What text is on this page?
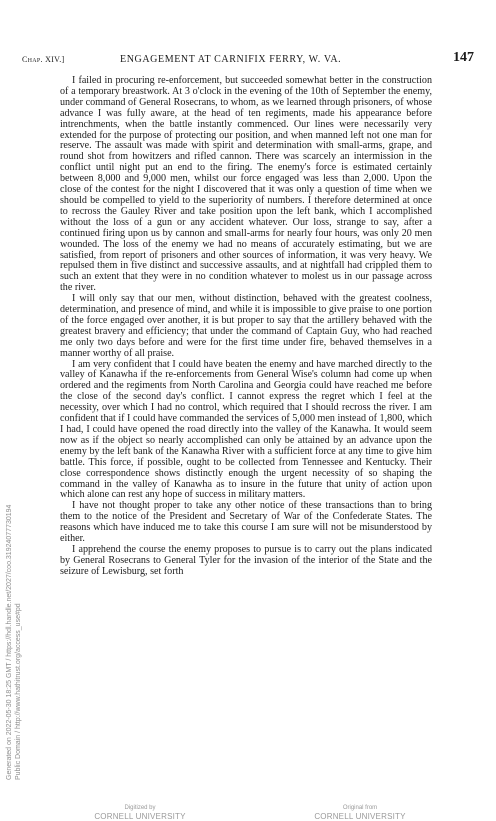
Chap. XIV.]	ENGAGEMENT AT CARNIFIX FERRY, W. VA.	147

I failed in procuring re-enforcement, but succeeded somewhat better in the construction of a temporary breastwork. At 3 o'clock in the evening of the 10th of September the enemy, under command of General Rosecrans, to whom, as we learned through prisoners, of whose advance I was fully aware, at the head of ten regiments, made his appearance before intrenchments, when the battle instantly commenced. Our lines were necessarily very extended for the purpose of protecting our position, and when manned left not one man for reserve. The assault was made with spirit and determination with small-arms, grape, and round shot from howitzers and rifled cannon. There was scarcely an intermission in the conflict until night put an end to the firing. The enemy's force is estimated certainly between 8,000 and 9,000 men, whilst our force engaged was less than 2,000. Upon the close of the contest for the night I discovered that it was only a question of time when we should be compelled to yield to the superiority of numbers. I therefore determined at once to recross the Gauley River and take position upon the left bank, which I accomplished without the loss of a gun or any accident whatever. Our loss, strange to say, after a continued firing upon us by cannon and small-arms for nearly four hours, was only 20 men wounded. The loss of the enemy we had no means of accurately estimating, but we are satisfied, from report of prisoners and other sources of information, it was very heavy. We repulsed them in five distinct and successive assaults, and at nightfall had crippled them to such an extent that they were in no condition whatever to molest us in our passage across the river.

I will only say that our men, without distinction, behaved with the greatest coolness, determination, and presence of mind, and while it is impossible to give praise to one portion of the force engaged over another, it is but proper to say that the artillery behaved with the greatest bravery and efficiency; that under the command of Captain Guy, who had reached me only two days before and were for the first time under fire, behaved themselves in a manner worthy of all praise.

I am very confident that I could have beaten the enemy and have marched directly to the valley of Kanawha if the re-enforcements from General Wise's column had come up when ordered and the regiments from North Carolina and Georgia could have reached me before the close of the second day's conflict. I cannot express the regret which I feel at the necessity, over which I had no control, which required that I should recross the river. I am confident that if I could have commanded the services of 5,000 men instead of 1,800, which I had, I could have opened the road directly into the valley of the Kanawha. It would seem now as if the object so nearly accomplished can only be attained by an advance upon the enemy by the left bank of the Kanawha River with a sufficient force at any time to give him battle. This force, if possible, ought to be collected from Tennessee and Kentucky. Their close correspondence shows distinctly enough the urgent necessity of so shaping the command in the valley of Kanawha as to insure in the future that unity of action upon which alone can rest any hope of success in military matters.

I have not thought proper to take any other notice of these transactions than to bring them to the notice of the President and Secretary of War of the Confederate States. The reasons which have induced me to take this course I am sure will not be misunderstood by either.

I apprehend the course the enemy proposes to pursue is to carry out the plans indicated by General Rosecrans to General Tyler for the invasion of the interior of the State and the seizure of Lewisburg, set forth

Generated on 2022-05-30 18:25 GMT / https://hdl.handle.net/2027/coo.31924077730194 Public Domain / http://www.hathitrust.org/access_use#pd
Digitized by
CORNELL UNIVERSITY
Original from
CORNELL UNIVERSITY
